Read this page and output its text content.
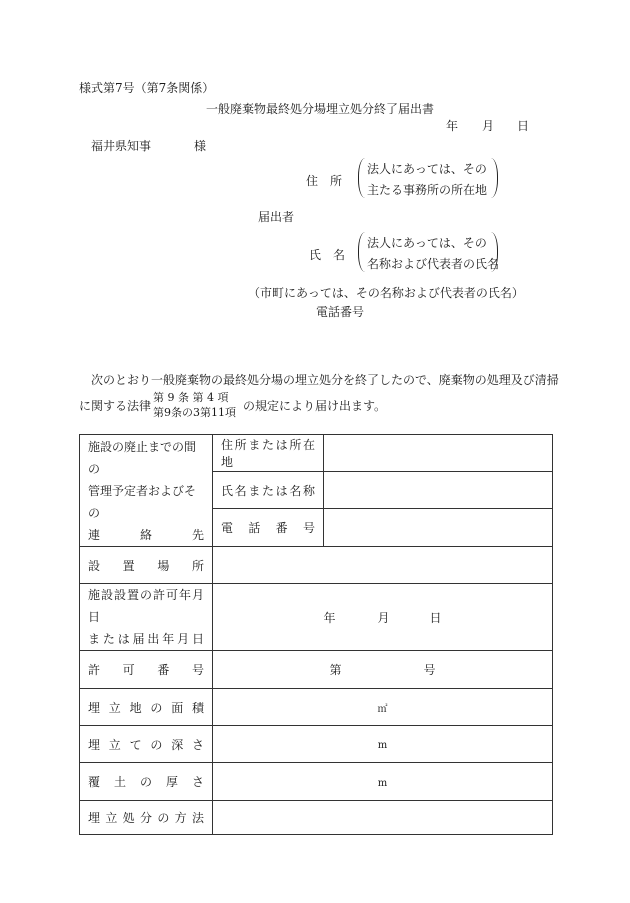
様式第7号（第7条関係）
一般廃棄物最終処分場埋立処分終了届出書
年 月 日
福井県知事	様
住　所
法人にあっては、その
主たる事務所の所在地
届出者
氏　名
法人にあっては、その
名称および代表者の氏名
（市町にあっては、その名称および代表者の氏名）
電話番号
次のとおり一般廃棄物の最終処分場の埋立処分を終了したので、廃棄物の処理及び清掃
に関する法律
第 9 条 第 4 項
第9条の3第11項 の規定により届け出ます。
施設の廃止までの間の
管理予定者およびその
連絡先	住所または所在地	
	氏名または名称	
	電話番号	
設置場所		

施設設置の許可年月日
または届出年月日	年 月 日	
許可番号	第 号	
埋立地の面積	㎡	
埋立ての深さ	m	
覆土の厚さ	m	
埋立処分の方法		
